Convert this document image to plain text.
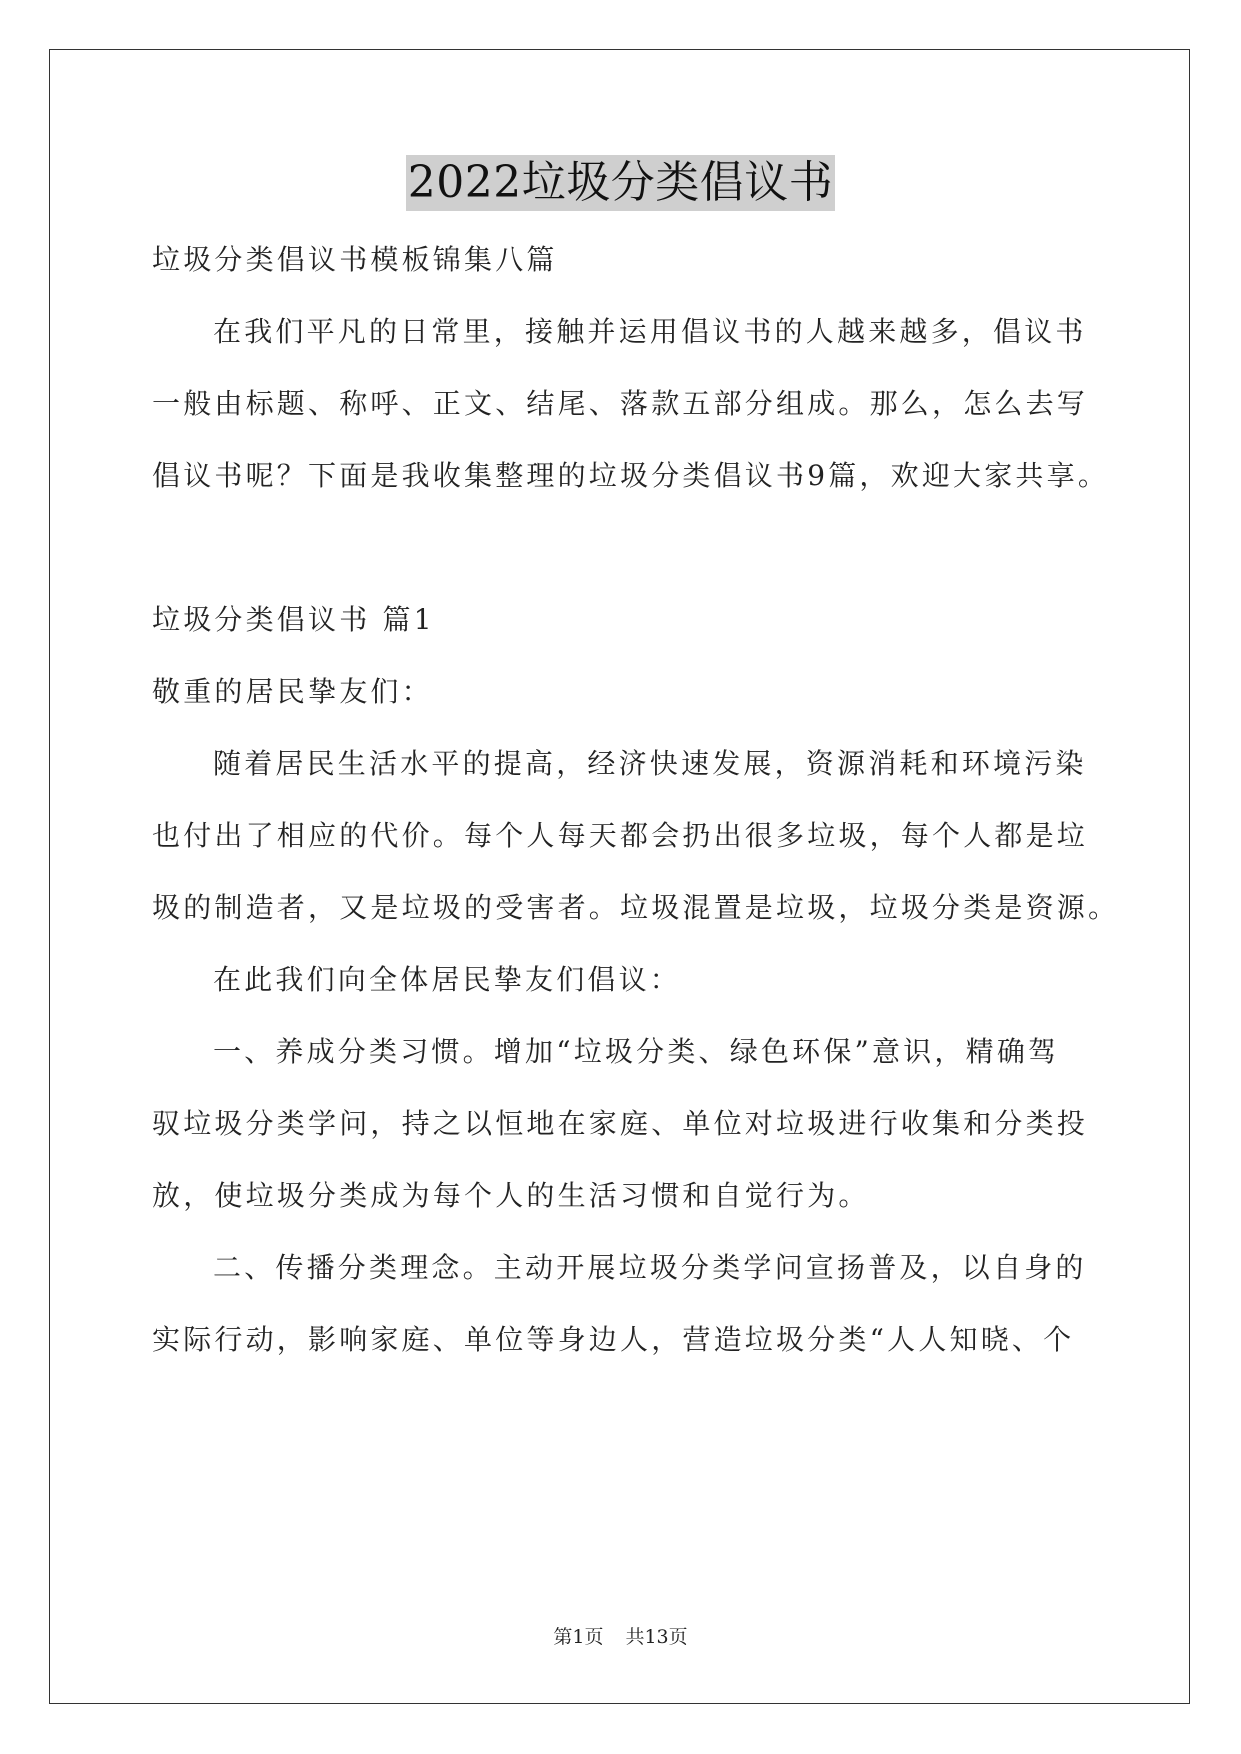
2022垃圾分类倡议书
垃圾分类倡议书模板锦集八篇
在我们平凡的日常里，接触并运用倡议书的人越来越多，倡议书
一般由标题、称呼、正文、结尾、落款五部分组成。那么，怎么去写
倡议书呢？下面是我收集整理的垃圾分类倡议书9篇，欢迎大家共享。
垃圾分类倡议书 篇1
敬重的居民挚友们：
随着居民生活水平的提高，经济快速发展，资源消耗和环境污染
也付出了相应的代价。每个人每天都会扔出很多垃圾，每个人都是垃
圾的制造者，又是垃圾的受害者。垃圾混置是垃圾，垃圾分类是资源。
在此我们向全体居民挚友们倡议：
一、养成分类习惯。增加“垃圾分类、绿色环保”意识，精确驾
驭垃圾分类学问，持之以恒地在家庭、单位对垃圾进行收集和分类投
放，使垃圾分类成为每个人的生活习惯和自觉行为。
二、传播分类理念。主动开展垃圾分类学问宣扬普及，以自身的
实际行动，影响家庭、单位等身边人，营造垃圾分类“人人知晓、个
第1页 共13页
